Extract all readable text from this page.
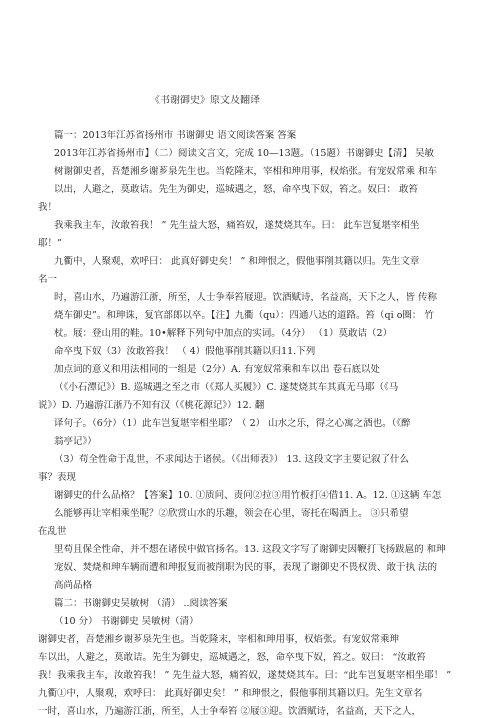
《书谢御史》原文及翻译
篇一：2013年江苏省扬州市 书谢御史 语文阅读答案 答案
2013年江苏省扬州市】（二）阅读文言文，完成 10—13题。（15题）书谢御史【清】 吴敏
树谢御史者，吾楚湘乡谢芗泉先生也。当乾隆末，宰相和珅用事，权焰张。有宠奴常乘 和车
以出，人避之，莫敢诘。先生为御史，巡城遇之，怒，命卒曳下奴，笞之。奴曰： 敢笞
我！
我乘我主车，汝敢笞我！ ” 先生益大怒，痛笞奴，遂焚烧其车。曰： 此车岂复堪宰相坐
耶！”
九衢中，人聚观，欢呼曰： 此真好御史矣！ ” 和珅恨之，假他事削其籍以归。先生文章
名一
时，喜山水，乃遍游江浙，所至，人士争奉笞屐迎。饮酒赋诗，名益高，天下之人，皆 传称
烧车御史”。和珅诛，复官部郎以卒。【注】九衢（qu）：四通八达的道路。笞（qi o圈： 竹
杖。屐：登山用的鞋。10•解释下列句中加点的实词。（4分） （1）莫敢诘（2）
命卒曳下奴（3）汝敢笞我！ （ 4）假他事削其籍以归11.下列
加点词的意义和用法相同的一组是（2分）A. 有宠奴常乘和车以出 卷石底以处
（《小石潭记》）B. 巡城遇之至之市（《郑人买履》）C. 遂焚烧其车其真无马耶（《马
说》）D. 乃遍游江浙乃不知有汉（《桃花源记》）12. 翻
译句子。（6分）（1）此车岂复堪宰相坐耶？（ 2） 山水之乐，得之心寓之酒也。（《醉
翁亭记》）
（3）苟全性命于乱世，不求闻达于诸侯。（《出师表》） 13. 这段文字主要记叙了什么
事？表现
谢御史的什么品格？【答案】10. ①质问、责问②拉③用竹板打④借11. A。12. ①这辆 车怎
么能够再让宰相乘坐呢？②欣赏山水的乐趣，领会在心里，寄托在喝酒上。 ③只希望
在乱世
里苟且保全性命，并不想在诸侯中做官扬名。13. 这段文字写了谢御史因鞭打飞扬跋扈的 和珅
宠奴、焚烧和珅车辆而遭和珅报复而被削职为民的事，表现了谢御史不畏权贵、敢于执 法的
高尚品格
篇二：书谢御史吴敏树 （清） ..阅读答案
（10 分） 书谢御史 吴敏树（清）
谢御史者，吾楚湘乡谢芗泉先生也。当乾隆末，宰相和珅用事，权焰张。有宠奴常乘珅
车以出，人避之，莫敢诘。先生为御史，巡城遇之，怒，命卒曳下奴，笞之。奴曰： “汝敢笞
我！我乘我主车，汝敢笞我！ ” 先生益大怒，痛笞奴，遂焚烧其车。曰：“此车岂复堪宰相坐耶！ ”
九衢①中，人聚观，欢呼曰： 此真好御史矣！ ” 和珅恨之，假他事削其籍以归。先生文章名
一时，喜山水，乃遍游江浙，所至，人士争奉笞 ②屐③迎。饮酒赋诗，名益高，天下之人，
